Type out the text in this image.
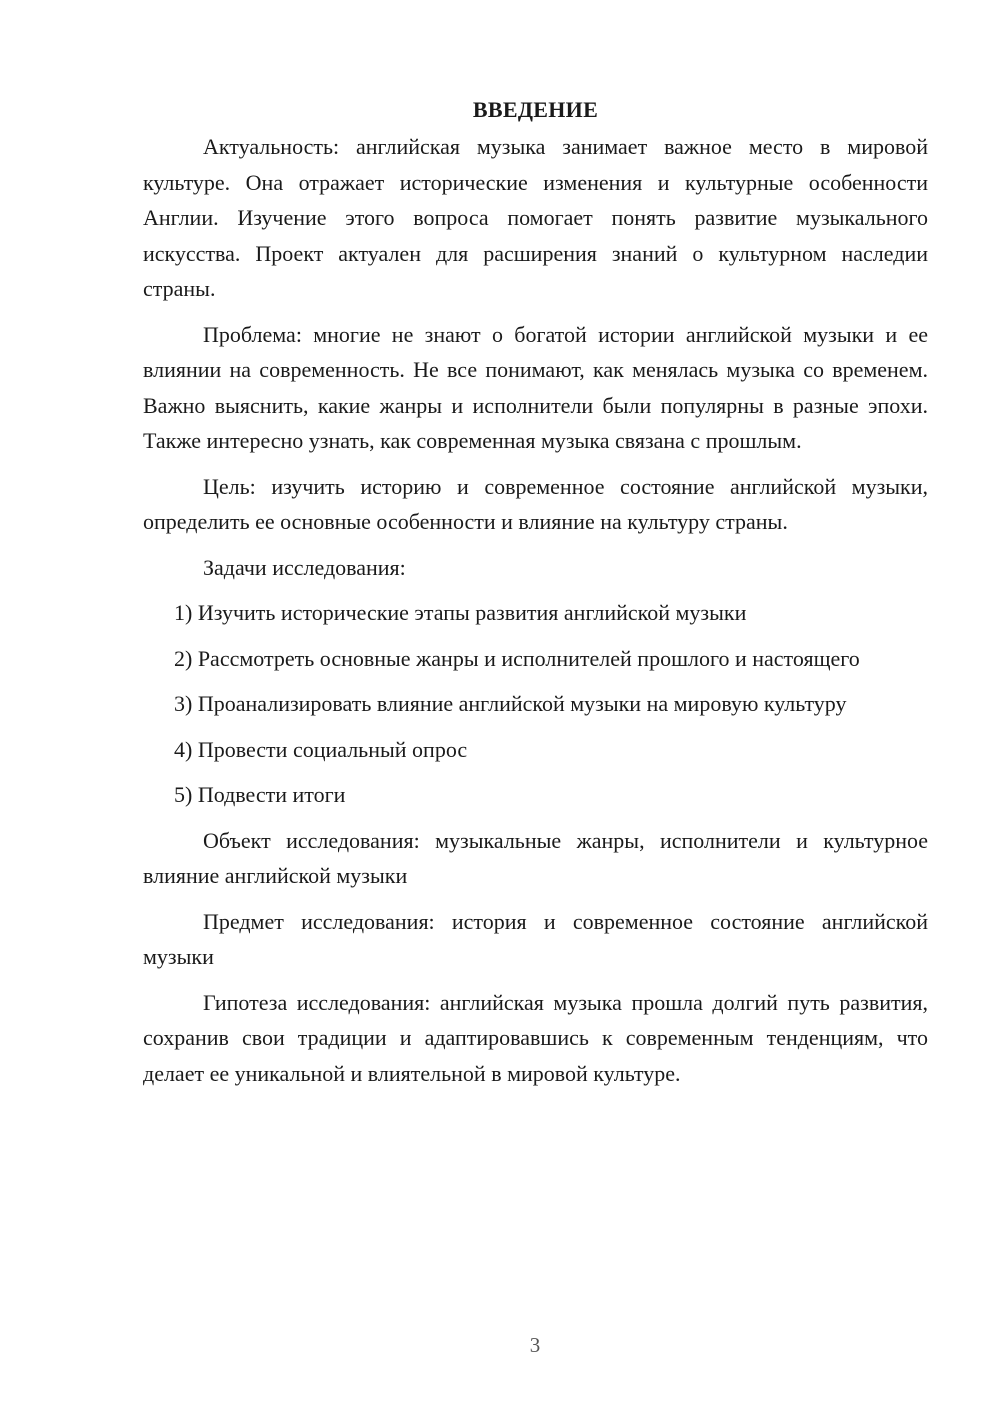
ВВЕДЕНИЕ

Актуальность: английская музыка занимает важное место в мировой культуре. Она отражает исторические изменения и культурные особенности Англии. Изучение этого вопроса помогает понять развитие музыкального искусства. Проект актуален для расширения знаний о культурном наследии страны.

Проблема: многие не знают о богатой истории английской музыки и ее влиянии на современность. Не все понимают, как менялась музыка со временем. Важно выяснить, какие жанры и исполнители были популярны в разные эпохи. Также интересно узнать, как современная музыка связана с прошлым.

Цель: изучить историю и современное состояние английской музыки, определить ее основные особенности и влияние на культуру страны.

Задачи исследования:

1) Изучить исторические этапы развития английской музыки

2) Рассмотреть основные жанры и исполнителей прошлого и настоящего

3) Проанализировать влияние английской музыки на мировую культуру

4) Провести социальный опрос

5) Подвести итоги

Объект исследования: музыкальные жанры, исполнители и культурное влияние английской музыки

Предмет исследования: история и современное состояние английской музыки

Гипотеза исследования: английская музыка прошла долгий путь развития, сохранив свои традиции и адаптировавшись к современным тенденциям, что делает ее уникальной и влиятельной в мировой культуре.

3
